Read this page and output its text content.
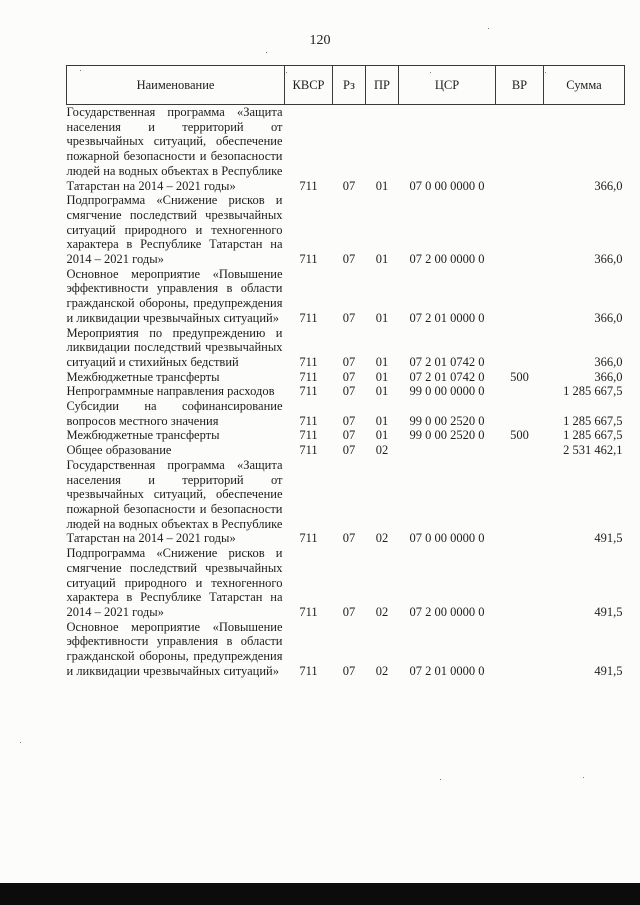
120
Наименование	КВСР	Рз	ПР	ЦСР	ВР	Сумма
Государственная программа «Защита населения и территорий от чрезвычайных ситуаций, обеспечение пожарной безопасности и безопасности людей на водных объектах в Республике Татарстан на 2014 – 2021 годы»	711	07	01	07 0 00 0000 0		366,0
Подпрограмма «Снижение рисков и смягчение последствий чрезвычайных ситуаций природного и техногенного характера в Республике Татарстан на 2014 – 2021 годы»	711	07	01	07 2 00 0000 0		366,0
Основное мероприятие «Повышение эффективности управления в области гражданской обороны, предупреждения и ликвидации чрезвычайных ситуаций»	711	07	01	07 2 01 0000 0		366,0
Мероприятия по предупреждению и ликвидации последствий чрезвычайных ситуаций и стихийных бедствий	711	07	01	07 2 01 0742 0		366,0
Межбюджетные трансферты	711	07	01	07 2 01 0742 0	500	366,0
Непрограммные направления расходов	711	07	01	99 0 00 0000 0		1 285 667,5
Субсидии на софинансирование вопросов местного значения	711	07	01	99 0 00 2520 0		1 285 667,5
Межбюджетные трансферты	711	07	01	99 0 00 2520 0	500	1 285 667,5
Общее образование	711	07	02			2 531 462,1
Государственная программа «Защита населения и территорий от чрезвычайных ситуаций, обеспечение пожарной безопасности и безопасности людей на водных объектах в Республике Татарстан на 2014 – 2021 годы»	711	07	02	07 0 00 0000 0		491,5
Подпрограмма «Снижение рисков и смягчение последствий чрезвычайных ситуаций природного и техногенного характера в Республике Татарстан на 2014 – 2021 годы»	711	07	02	07 2 00 0000 0		491,5
Основное мероприятие «Повышение эффективности управления в области гражданской обороны, предупреждения и ликвидации чрезвычайных ситуаций»	711	07	02	07 2 01 0000 0		491,5
